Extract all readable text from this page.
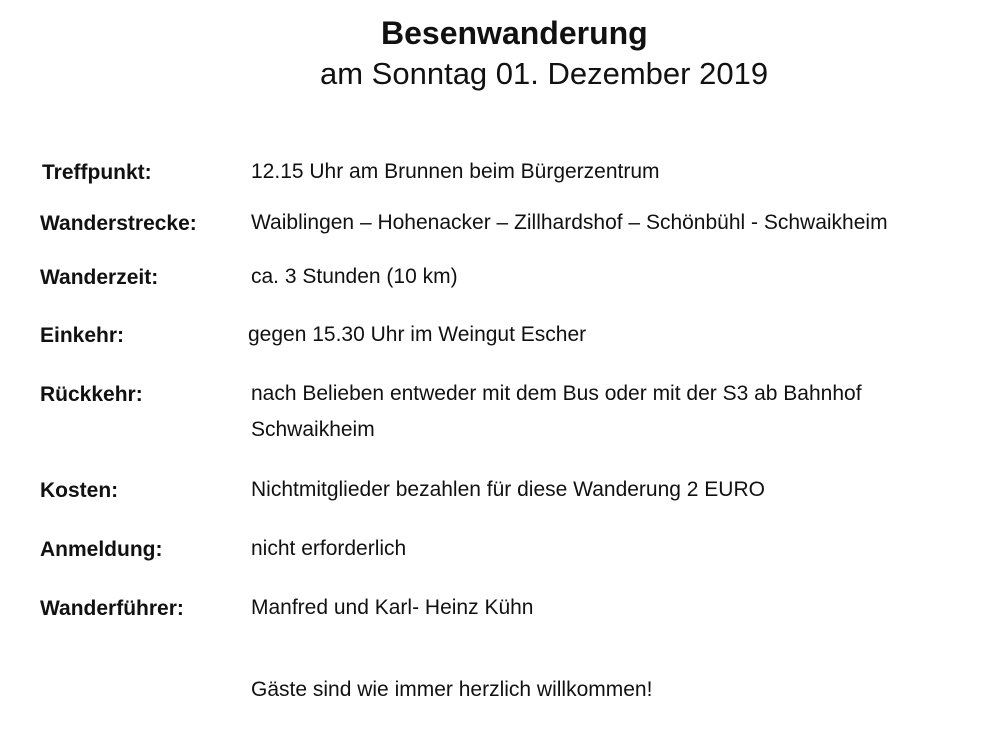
Besenwanderung
am Sonntag 01. Dezember 2019
Treffpunkt:	12.15 Uhr am Brunnen beim Bürgerzentrum
Wanderstrecke:	Waiblingen – Hohenacker – Zillhardshof – Schönbühl - Schwaikheim
Wanderzeit:	ca. 3 Stunden (10 km)
Einkehr:	gegen 15.30 Uhr im Weingut Escher
Rückkehr:	nach Belieben entweder mit dem Bus oder mit der S3 ab Bahnhof Schwaikheim
Kosten:	Nichtmitglieder bezahlen für diese Wanderung 2 EURO
Anmeldung:	nicht erforderlich
Wanderführer:	Manfred und Karl- Heinz Kühn
Gäste sind wie immer herzlich willkommen!
